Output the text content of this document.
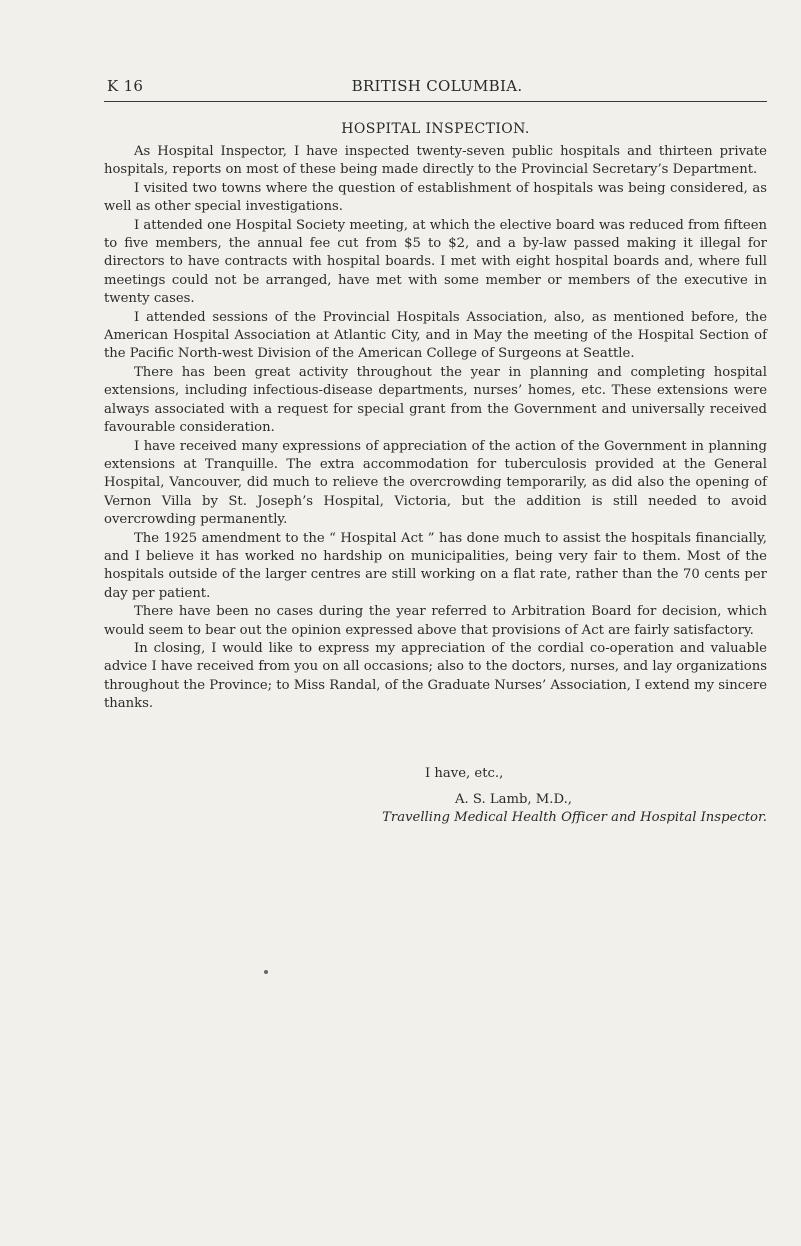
K 16	BRITISH COLUMBIA.
HOSPITAL INSPECTION.

As Hospital Inspector, I have inspected twenty-seven public hospitals and thirteen private hospitals, reports on most of these being made directly to the Provincial Secretary’s Department.

I visited two towns where the question of establishment of hospitals was being considered, as well as other special investigations.

I attended one Hospital Society meeting, at which the elective board was reduced from fifteen to five members, the annual fee cut from $5 to $2, and a by-law passed making it illegal for directors to have contracts with hospital boards. I met with eight hospital boards and, where full meetings could not be arranged, have met with some member or members of the executive in twenty cases.

I attended sessions of the Provincial Hospitals Association, also, as mentioned before, the American Hospital Association at Atlantic City, and in May the meeting of the Hospital Section of the Pacific North-west Division of the American College of Surgeons at Seattle.

There has been great activity throughout the year in planning and completing hospital extensions, including infectious-disease departments, nurses’ homes, etc. These extensions were always associated with a request for special grant from the Government and universally received favourable consideration.

I have received many expressions of appreciation of the action of the Government in planning extensions at Tranquille. The extra accommodation for tuberculosis provided at the General Hospital, Vancouver, did much to relieve the overcrowding temporarily, as did also the opening of Vernon Villa by St. Joseph’s Hospital, Victoria, but the addition is still needed to avoid overcrowding permanently.

The 1925 amendment to the “ Hospital Act ” has done much to assist the hospitals financially, and I believe it has worked no hardship on municipalities, being very fair to them. Most of the hospitals outside of the larger centres are still working on a flat rate, rather than the 70 cents per day per patient.

There have been no cases during the year referred to Arbitration Board for decision, which would seem to bear out the opinion expressed above that provisions of Act are fairly satisfactory.

In closing, I would like to express my appreciation of the cordial co-operation and valuable advice I have received from you on all occasions; also to the doctors, nurses, and lay organizations throughout the Province; to Miss Randal, of the Graduate Nurses’ Association, I extend my sincere thanks.

I have, etc.,
A. S. Lamb, M.D.,
Travelling Medical Health Officer and Hospital Inspector.
